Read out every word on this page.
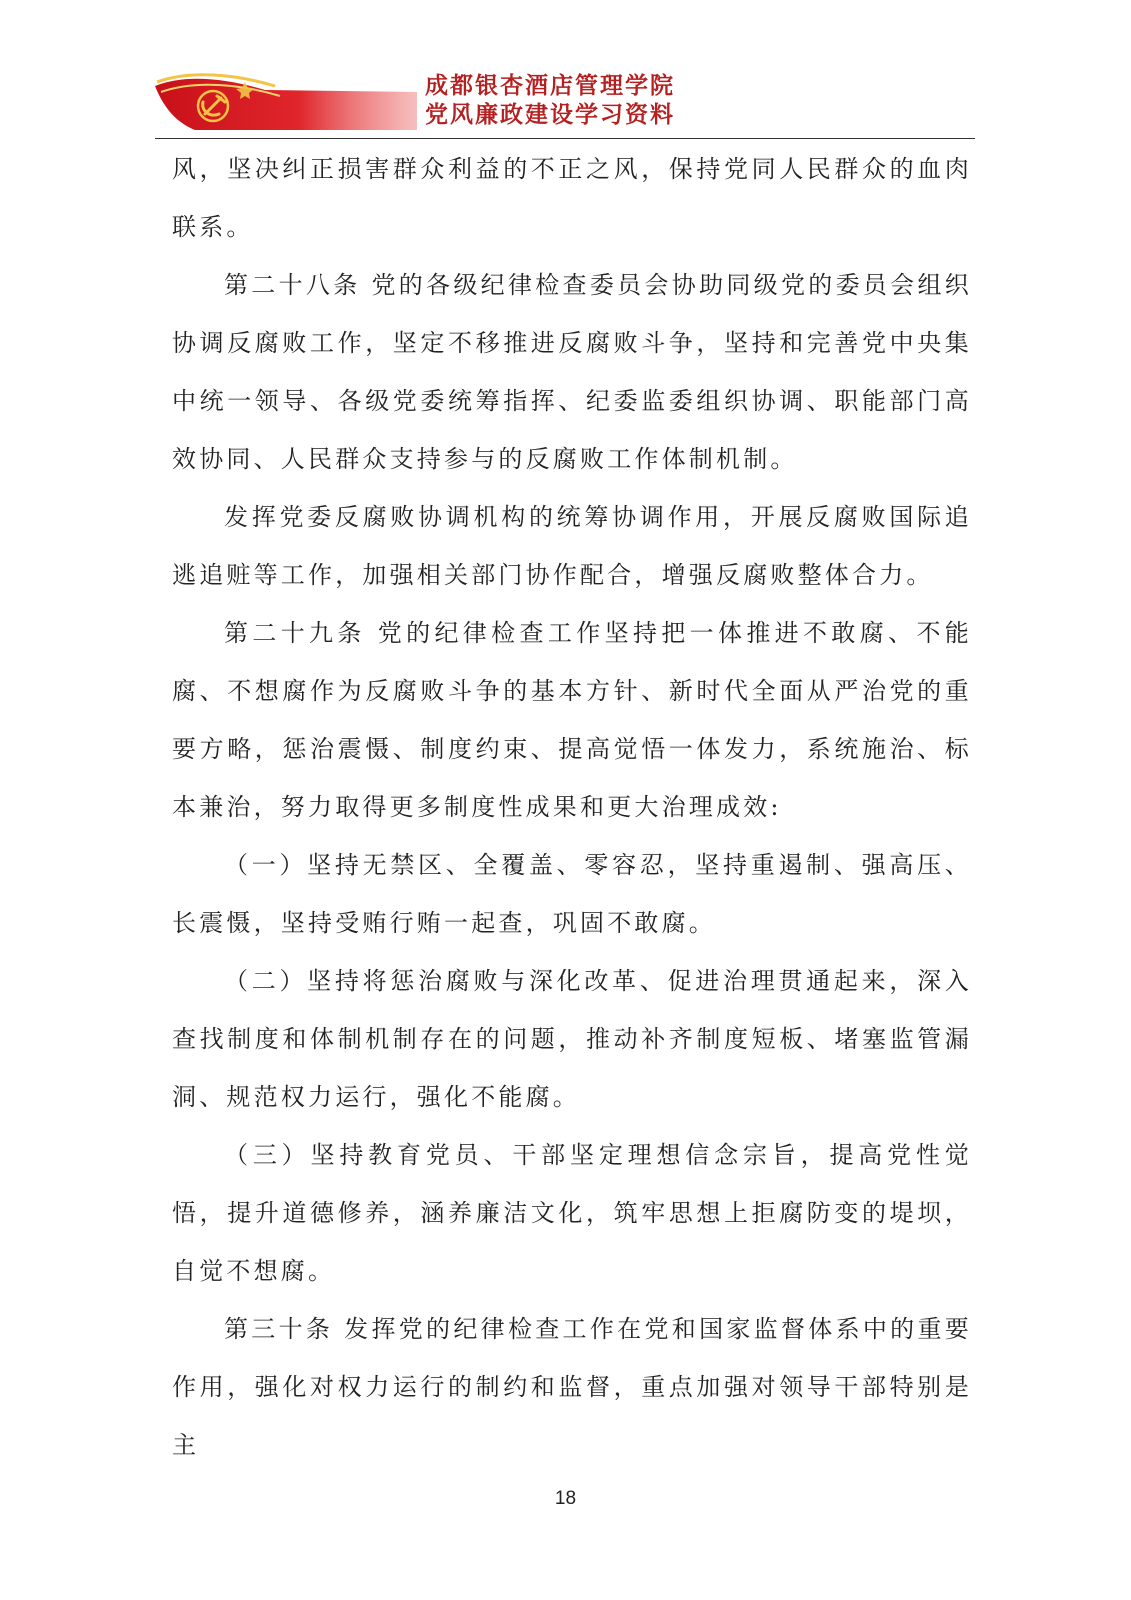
成都银杏酒店管理学院
党风廉政建设学习资料

风，坚决纠正损害群众利益的不正之风，保持党同人民群众的血肉联系。

第二十八条 党的各级纪律检查委员会协助同级党的委员会组织协调反腐败工作，坚定不移推进反腐败斗争，坚持和完善党中央集中统一领导、各级党委统筹指挥、纪委监委组织协调、职能部门高效协同、人民群众支持参与的反腐败工作体制机制。

发挥党委反腐败协调机构的统筹协调作用，开展反腐败国际追逃追赃等工作，加强相关部门协作配合，增强反腐败整体合力。

第二十九条 党的纪律检查工作坚持把一体推进不敢腐、不能腐、不想腐作为反腐败斗争的基本方针、新时代全面从严治党的重要方略，惩治震慑、制度约束、提高觉悟一体发力，系统施治、标本兼治，努力取得更多制度性成果和更大治理成效:

（一）坚持无禁区、全覆盖、零容忍，坚持重遏制、强高压、长震慑，坚持受贿行贿一起查，巩固不敢腐。

（二）坚持将惩治腐败与深化改革、促进治理贯通起来，深入查找制度和体制机制存在的问题，推动补齐制度短板、堵塞监管漏洞、规范权力运行，强化不能腐。

（三）坚持教育党员、干部坚定理想信念宗旨，提高党性觉悟，提升道德修养，涵养廉洁文化，筑牢思想上拒腐防变的堤坝，自觉不想腐。

第三十条 发挥党的纪律检查工作在党和国家监督体系中的重要作用，强化对权力运行的制约和监督，重点加强对领导干部特别是主

18
